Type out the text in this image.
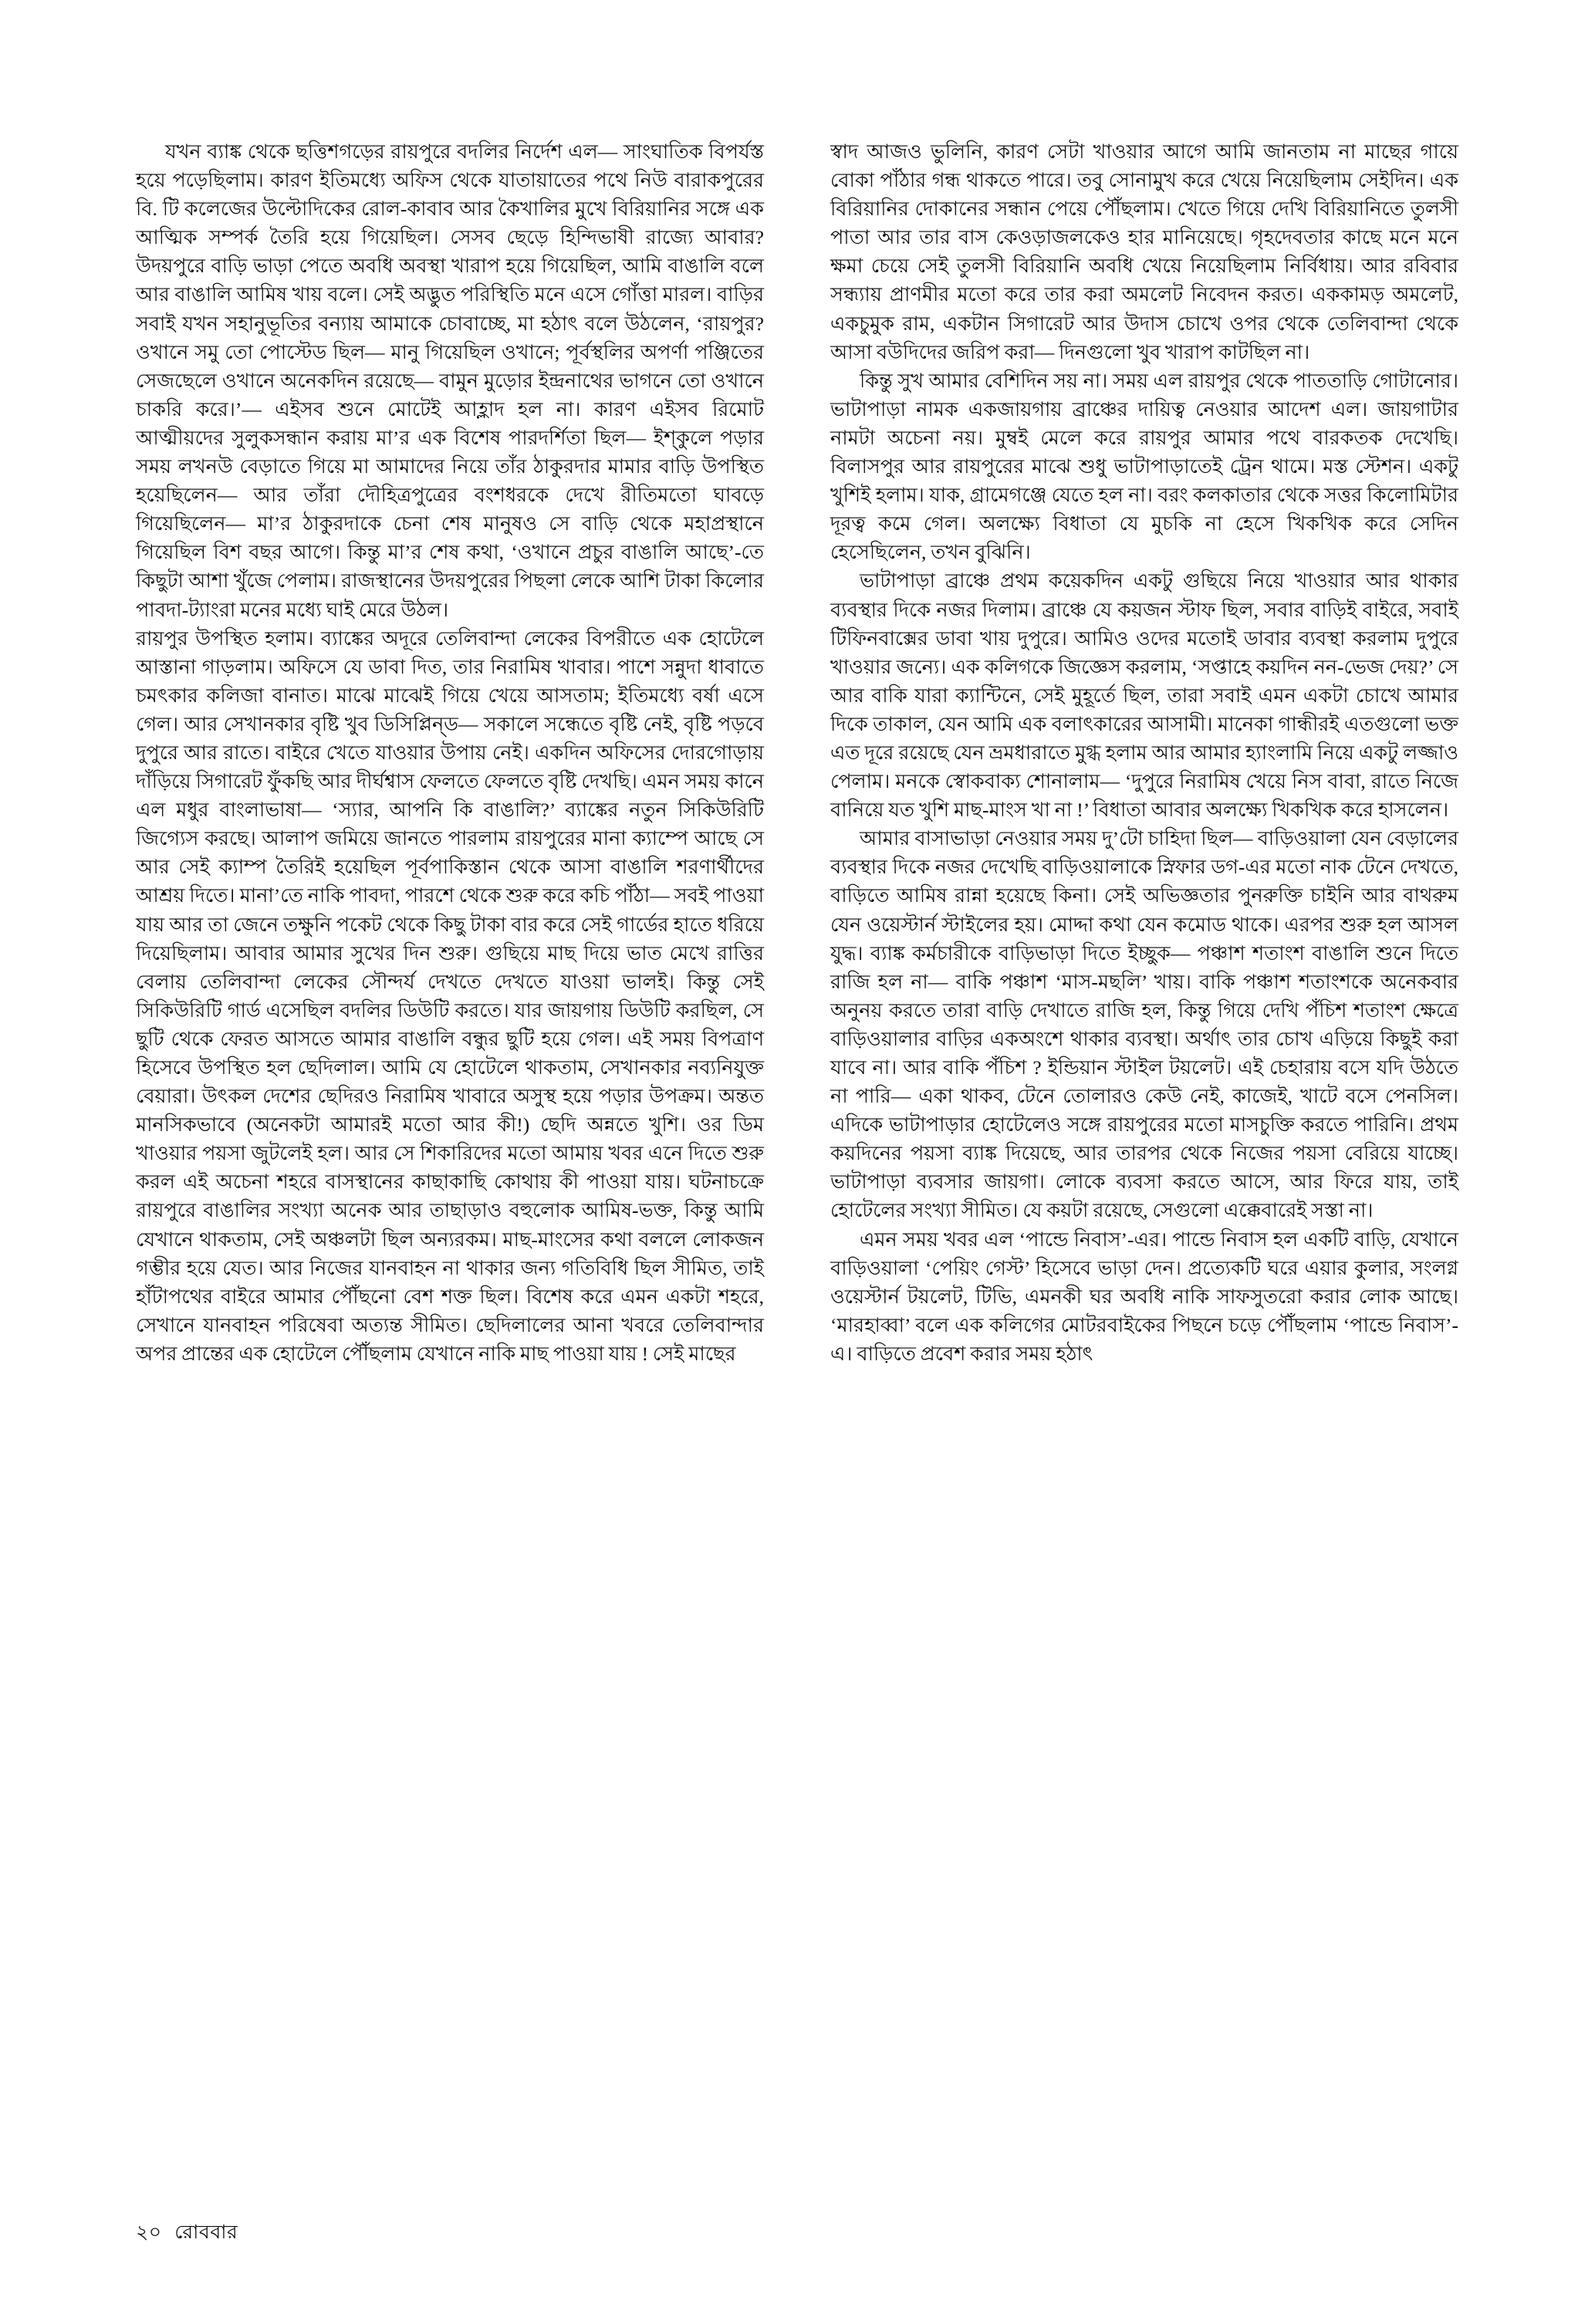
যখন ব্যাঙ্ক থেকে ছত্তিশগড়ের রায়পুরে বদলির নির্দেশ এল— সাংঘাতিক বিপর্যস্ত হয়ে পড়েছিলাম। কারণ ইতিমধ্যে অফিস থেকে যাতায়াতের পথে নিউ বারাকপুরের বি. টি কলেজের উল্টোদিকের রোল-কাবাব আর কৈখালির মুখে বিরিয়ানির সঙ্গে এক আত্মিক সম্পর্ক তৈরি হয়ে গিয়েছিল। সেসব ছেড়ে হিন্দিভাষী রাজ্যে আবার? উদয়পুরে বাড়ি ভাড়া পেতে অবধি অবস্থা খারাপ হয়ে গিয়েছিল, আমি বাঙালি বলে আর বাঙালি আমিষ খায় বলে। সেই অদ্ভুত পরিস্থিতি মনে এসে গোঁত্তা মারল। বাড়ির সবাই যখন সহানুভূতির বন্যায় আমাকে চোবাচ্ছে, মা হঠাৎ বলে উঠলেন, ‘রায়পুর? ওখানে সমু তো পোস্টেড ছিল— মানু গিয়েছিল ওখানে; পূর্বস্থলির অপর্ণা পঞ্জিতের সেজছেলে ওখানে অনেকদিন রয়েছে— বামুন মুড়োর ইন্দ্রনাথের ভাগনে তো ওখানে চাকরি করে।’— এইসব শুনে মোটেই আহ্লাদ হল না। কারণ এইসব রিমোট আত্মীয়দের সুলুকসন্ধান করায় মা’র এক বিশেষ পারদর্শিতা ছিল— ইশ্‌কুলে পড়ার সময় লখনউ বেড়াতে গিয়ে মা আমাদের নিয়ে তাঁর ঠাকুরদার মামার বাড়ি উপস্থিত হয়েছিলেন— আর তাঁরা দৌহিত্রপুত্রের বংশধরকে দেখে রীতিমতো ঘাবড়ে গিয়েছিলেন— মা’র ঠাকুরদাকে চেনা শেষ মানুষও সে বাড়ি থেকে মহাপ্রস্থানে গিয়েছিল বিশ বছর আগে। কিন্তু মা’র শেষ কথা, ‘ওখানে প্রচুর বাঙালি আছে’-তে কিছুটা আশা খুঁজে পেলাম। রাজস্থানের উদয়পুরের পিছলা লেকে আশি টাকা কিলোর পাবদা-ট্যাংরা মনের মধ্যে ঘাই মেরে উঠল।

রায়পুর উপস্থিত হলাম। ব্যাঙ্কের অদূরে তেলিবান্দা লেকের বিপরীতে এক হোটেলে আস্তানা গাড়লাম। অফিসে যে ডাবা দিত, তার নিরামিষ খাবার। পাশে সন্নুদা ধাবাতে চমৎকার কলিজা বানাত। মাঝে মাঝেই গিয়ে খেয়ে আসতাম; ইতিমধ্যে বর্ষা এসে গেল। আর সেখানকার বৃষ্টি খুব ডিসিপ্লিন্‌ড— সকালে সন্ধেতে বৃষ্টি নেই, বৃষ্টি পড়বে দুপুরে আর রাতে। বাইরে খেতে যাওয়ার উপায় নেই। একদিন অফিসের দোরগোড়ায় দাঁড়িয়ে সিগারেট ফুঁকছি আর দীর্ঘশ্বাস ফেলতে ফেলতে বৃষ্টি দেখছি। এমন সময় কানে এল মধুর বাংলাভাষা— ‘স্যার, আপনি কি বাঙালি?’ ব্যাঙ্কের নতুন সিকিউরিটি জিগ্যেস করছে। আলাপ জমিয়ে জানতে পারলাম রায়পুরের মানা ক্যাম্পে আছে সে আর সেই ক্যাম্প তৈরিই হয়েছিল পূর্বপাকিস্তান থেকে আসা বাঙালি শরণার্থীদের আশ্রয় দিতে। মানা’তে নাকি পাবদা, পারশে থেকে শুরু করে কচি পাঁঠা— সবই পাওয়া যায় আর তা জেনে তক্ষুনি পকেট থেকে কিছু টাকা বার করে সেই গার্ডের হাতে ধরিয়ে দিয়েছিলাম। আবার আমার সুখের দিন শুরু। গুছিয়ে মাছ দিয়ে ভাত মেখে রাত্তির বেলায় তেলিবান্দা লেকের সৌন্দর্য দেখতে দেখতে যাওয়া ভালই। কিন্তু সেই সিকিউরিটি গার্ড এসেছিল বদলির ডিউটি করতে। যার জায়গায় ডিউটি করছিল, সে ছুটি থেকে ফেরত আসতে আমার বাঙালি বন্ধুর ছুটি হয়ে গেল। এই সময় বিপত্রাণ হিসেবে উপস্থিত হল ছেদিলাল। আমি যে হোটেলে থাকতাম, সেখানকার নব্যনিযুক্ত বেয়ারা। উৎকল দেশের ছেদিরও নিরামিষ খাবারে অসুস্থ হয়ে পড়ার উপক্রম। অন্তত মানসিকভাবে (অনেকটা আমারই মতো আর কী!) ছেদি অন্নতে খুশি। ওর ডিম খাওয়ার পয়সা জুটলেই হল। আর সে শিকারিদের মতো আমায় খবর এনে দিতে শুরু করল এই অচেনা শহরে বাসস্থানের কাছাকাছি কোথায় কী পাওয়া যায়। ঘটনাচক্রে রায়পুরে বাঙালির সংখ্যা অনেক আর তাছাড়াও বহুলোক আমিষ-ভক্ত, কিন্তু আমি যেখানে থাকতাম, সেই অঞ্চলটা ছিল অন্যরকম। মাছ-মাংসের কথা বললে লোকজন গম্ভীর হয়ে যেত। আর নিজের যানবাহন না থাকার জন্য গতিবিধি ছিল সীমিত, তাই হাঁটাপথের বাইরে আমার পৌঁছনো বেশ শক্ত ছিল। বিশেষ করে এমন একটা শহরে, সেখানে যানবাহন পরিষেবা অত্যন্ত সীমিত। ছেদিলালের আনা খবরে তেলিবান্দার অপর প্রান্তের এক হোটেলে পৌঁছলাম যেখানে নাকি মাছ পাওয়া যায় ! সেই মাছের

স্বাদ আজও ভুলিনি, কারণ সেটা খাওয়ার আগে আমি জানতাম না মাছের গায়ে বোকা পাঁঠার গন্ধ থাকতে পারে। তবু সোনামুখ করে খেয়ে নিয়েছিলাম সেইদিন। এক বিরিয়ানির দোকানের সন্ধান পেয়ে পৌঁছলাম। খেতে গিয়ে দেখি বিরিয়ানিতে তুলসী পাতা আর তার বাস কেওড়াজলকেও হার মানিয়েছে। গৃহদেবতার কাছে মনে মনে ক্ষমা চেয়ে সেই তুলসী বিরিয়ানি অবধি খেয়ে নিয়েছিলাম নির্বিধায়। আর রবিবার সন্ধ্যায় প্রাণমীর মতো করে তার করা অমলেট নিবেদন করত। এককামড় অমলেট, একচুমুক রাম, একটান সিগারেট আর উদাস চোখে ওপর থেকে তেলিবান্দা থেকে আসা বউদিদের জরিপ করা— দিনগুলো খুব খারাপ কাটছিল না।

কিন্তু সুখ আমার বেশিদিন সয় না। সময় এল রায়পুর থেকে পাততাড়ি গোটানোর। ভাটাপাড়া নামক একজায়গায় ব্রাঞ্চের দায়িত্ব নেওয়ার আদেশ এল। জায়গাটার নামটা অচেনা নয়। মুম্বই মেলে করে রায়পুর আমার পথে বারকতক দেখেছি। বিলাসপুর আর রায়পুরের মাঝে শুধু ভাটাপাড়াতেই ট্রেন থামে। মস্ত স্টেশন। একটু খুশিই হলাম। যাক, গ্রামেগঞ্জে যেতে হল না। বরং কলকাতার থেকে সত্তর কিলোমিটার দূরত্ব কমে গেল। অলক্ষ্যে বিধাতা যে মুচকি না হেসে খিকখিক করে সেদিন হেসেছিলেন, তখন বুঝিনি।

ভাটাপাড়া ব্রাঞ্চে প্রথম কয়েকদিন একটু গুছিয়ে নিয়ে খাওয়ার আর থাকার ব্যবস্থার দিকে নজর দিলাম। ব্রাঞ্চে যে কয়জন স্টাফ ছিল, সবার বাড়িই বাইরে, সবাই টিফিনবাক্সের ডাবা খায় দুপুরে। আমিও ওদের মতোই ডাবার ব্যবস্থা করলাম দুপুরে খাওয়ার জন্যে। এক কলিগকে জিজ্ঞেস করলাম, ‘সপ্তাহে কয়দিন নন-ভেজ দেয়?’ সে আর বাকি যারা ক্যান্টিনে, সেই মুহূর্তে ছিল, তারা সবাই এমন একটা চোখে আমার দিকে তাকাল, যেন আমি এক বলাৎকারের আসামী। মানেকা গান্ধীরই এতগুলো ভক্ত এত দূরে রয়েছে যেন ভ্রমধারাতে মুগ্ধ হলাম আর আমার হ্যাংলামি নিয়ে একটু লজ্জাও পেলাম। মনকে স্বোকবাক্য শোনালাম— ‘দুপুরে নিরামিষ খেয়ে নিস বাবা, রাতে নিজে বানিয়ে যত খুশি মাছ-মাংস খা না !’ বিধাতা আবার অলক্ষ্যে খিকখিক করে হাসলেন।

আমার বাসাভাড়া নেওয়ার সময় দু’টো চাহিদা ছিল— বাড়িওয়ালা যেন বেড়ালের ব্যবস্থার দিকে নজর দেখেছি বাড়িওয়ালাকে স্নিফার ডগ-এর মতো নাক টেনে দেখতে, বাড়িতে আমিষ রান্না হয়েছে কিনা। সেই অভিজ্ঞতার পুনরুক্তি চাইনি আর বাথরুম যেন ওয়েস্টার্ন স্টাইলের হয়। মোদ্দা কথা যেন কমোড থাকে। এরপর শুরু হল আসল যুদ্ধ। ব্যাঙ্ক কর্মচারীকে বাড়িভাড়া দিতে ইচ্ছুক— পঞ্চাশ শতাংশ বাঙালি শুনে দিতে রাজি হল না— বাকি পঞ্চাশ ‘মাস-মছলি’ খায়। বাকি পঞ্চাশ শতাংশকে অনেকবার অনুনয় করতে তারা বাড়ি দেখাতে রাজি হল, কিন্তু গিয়ে দেখি পঁচিশ শতাংশ ক্ষেত্রে বাড়িওয়ালার বাড়ির একঅংশে থাকার ব্যবস্থা। অর্থাৎ তার চোখ এড়িয়ে কিছুই করা যাবে না। আর বাকি পঁচিশ ? ইন্ডিয়ান স্টাইল টয়লেট। এই চেহারায় বসে যদি উঠতে না পারি— একা থাকব, টেনে তোলারও কেউ নেই, কাজেই, খাটে বসে পেনসিল। এদিকে ভাটাপাড়ার হোটেলেও সঙ্গে রায়পুরের মতো মাসচুক্তি করতে পারিনি। প্রথম কয়দিনের পয়সা ব্যাঙ্ক দিয়েছে, আর তারপর থেকে নিজের পয়সা বেরিয়ে যাচ্ছে। ভাটাপাড়া ব্যবসার জায়গা। লোকে ব্যবসা করতে আসে, আর ফিরে যায়, তাই হোটেলের সংখ্যা সীমিত। যে কয়টা রয়েছে, সেগুলো এক্কেবারেই সস্তা না।

এমন সময় খবর এল ‘পান্ডে নিবাস’-এর। পান্ডে নিবাস হল একটি বাড়ি, যেখানে বাড়িওয়ালা ‘পেয়িং গেস্ট’ হিসেবে ভাড়া দেন। প্রত্যেকটি ঘরে এয়ার কুলার, সংলগ্ন ওয়েস্টার্ন টয়লেট, টিভি, এমনকী ঘর অবধি নাকি সাফসুতরো করার লোক আছে। ‘মারহাব্বা’ বলে এক কলিগের মোটরবাইকের পিছনে চড়ে পৌঁছলাম ‘পান্ডে নিবাস’-এ। বাড়িতে প্রবেশ করার সময় হঠাৎ

২০ রোববার
